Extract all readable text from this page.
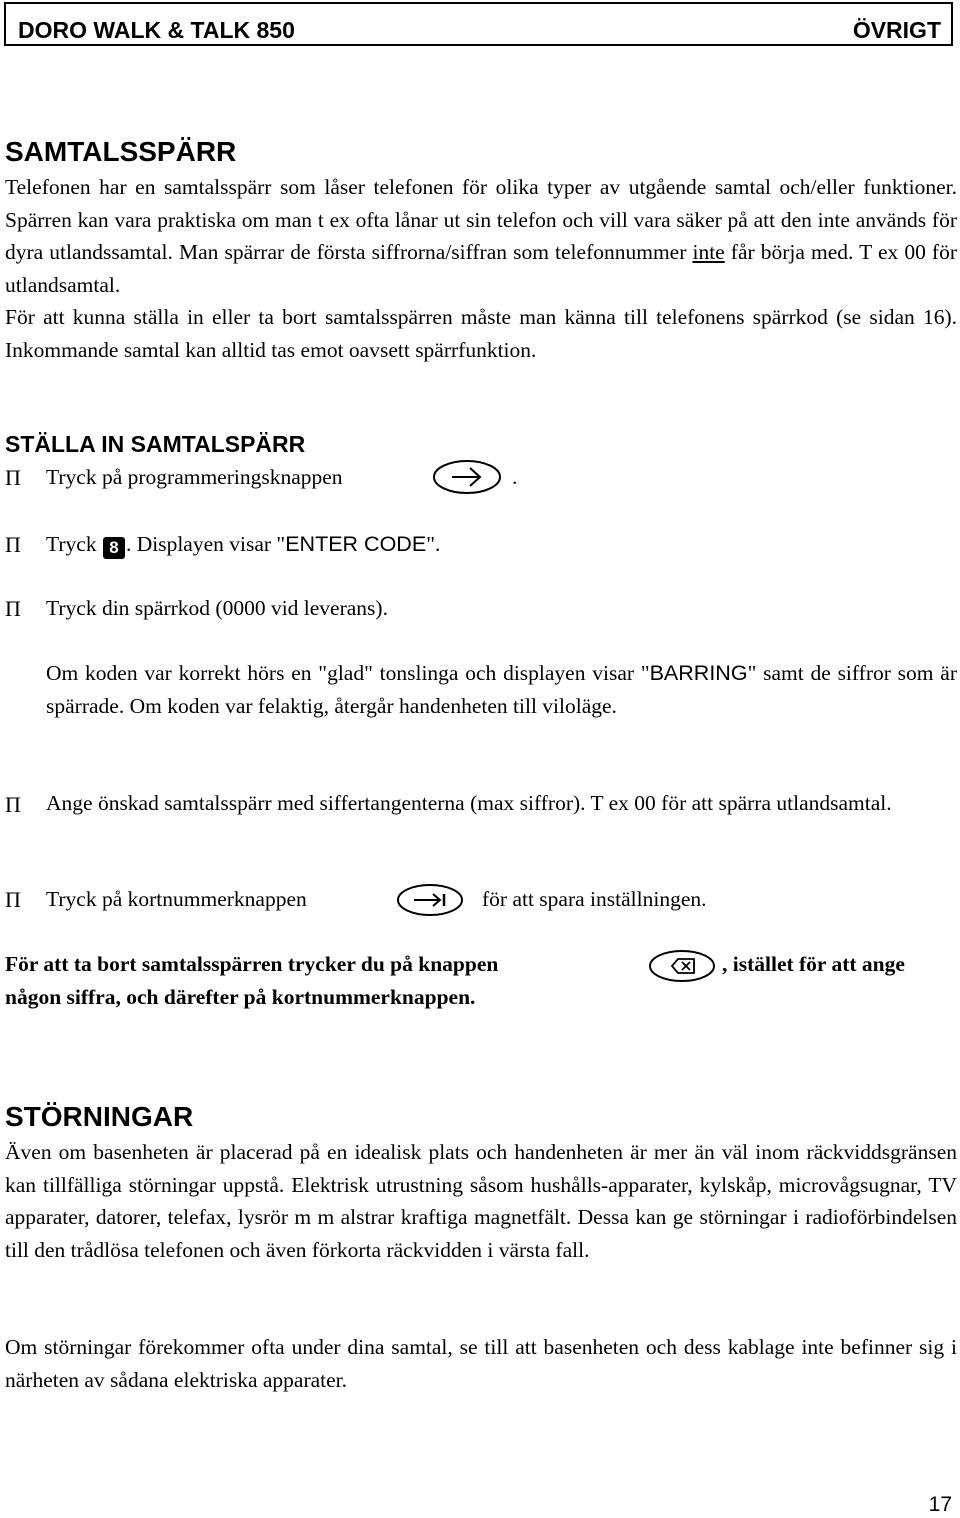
DORO WALK & TALK 850	ÖVRIGT
SAMTALSSPÄRR

Telefonen har en samtalsspärr som låser telefonen för olika typer av utgående samtal och/eller funktioner. Spärren kan vara praktiska om man t ex ofta lånar ut sin telefon och vill vara säker på att den inte används för dyra utlandssamtal. Man spärrar de första siffrorna/siffran som telefonnummer inte får börja med. T ex 00 för utlandsamtal.

För att kunna ställa in eller ta bort samtalsspärren måste man känna till telefonens spärrkod (se sidan 16). Inkommande samtal kan alltid tas emot oavsett spärrfunktion.

STÄLLA IN SAMTALSPÄRR
Π Tryck på programmeringsknappen	.
Π Tryck 8 . Displayen visar "ENTER CODE".
Π Tryck din spärrkod (0000 vid leverans).

Om koden var korrekt hörs en "glad" tonslinga och displayen visar "BARRING" samt de siffror som är spärrade. Om koden var felaktig, återgår handenheten till viloläge.

Π Ange önskad samtalsspärr med siffertangenterna (max siffror). T ex 00 för att spärra utlandsamtal.

Π Tryck på kortnummerknappen	för att spara inställningen.
För att ta bort samtalsspärren trycker du på knappen	, istället för att ange
någon siffra, och därefter på kortnummerknappen.
STÖRNINGAR

Även om basenheten är placerad på en idealisk plats och handenheten är mer än väl inom räckviddsgränsen kan tillfälliga störningar uppstå. Elektrisk utrustning såsom hushålls-apparater, kylskåp, microvågsugnar, TV apparater, datorer, telefax, lysrör m m alstrar kraftiga magnetfält. Dessa kan ge störningar i radioförbindelsen till den trådlösa telefonen och även förkorta räckvidden i värsta fall.

Om störningar förekommer ofta under dina samtal, se till att basenheten och dess kablage inte befinner sig i närheten av sådana elektriska apparater.

17
